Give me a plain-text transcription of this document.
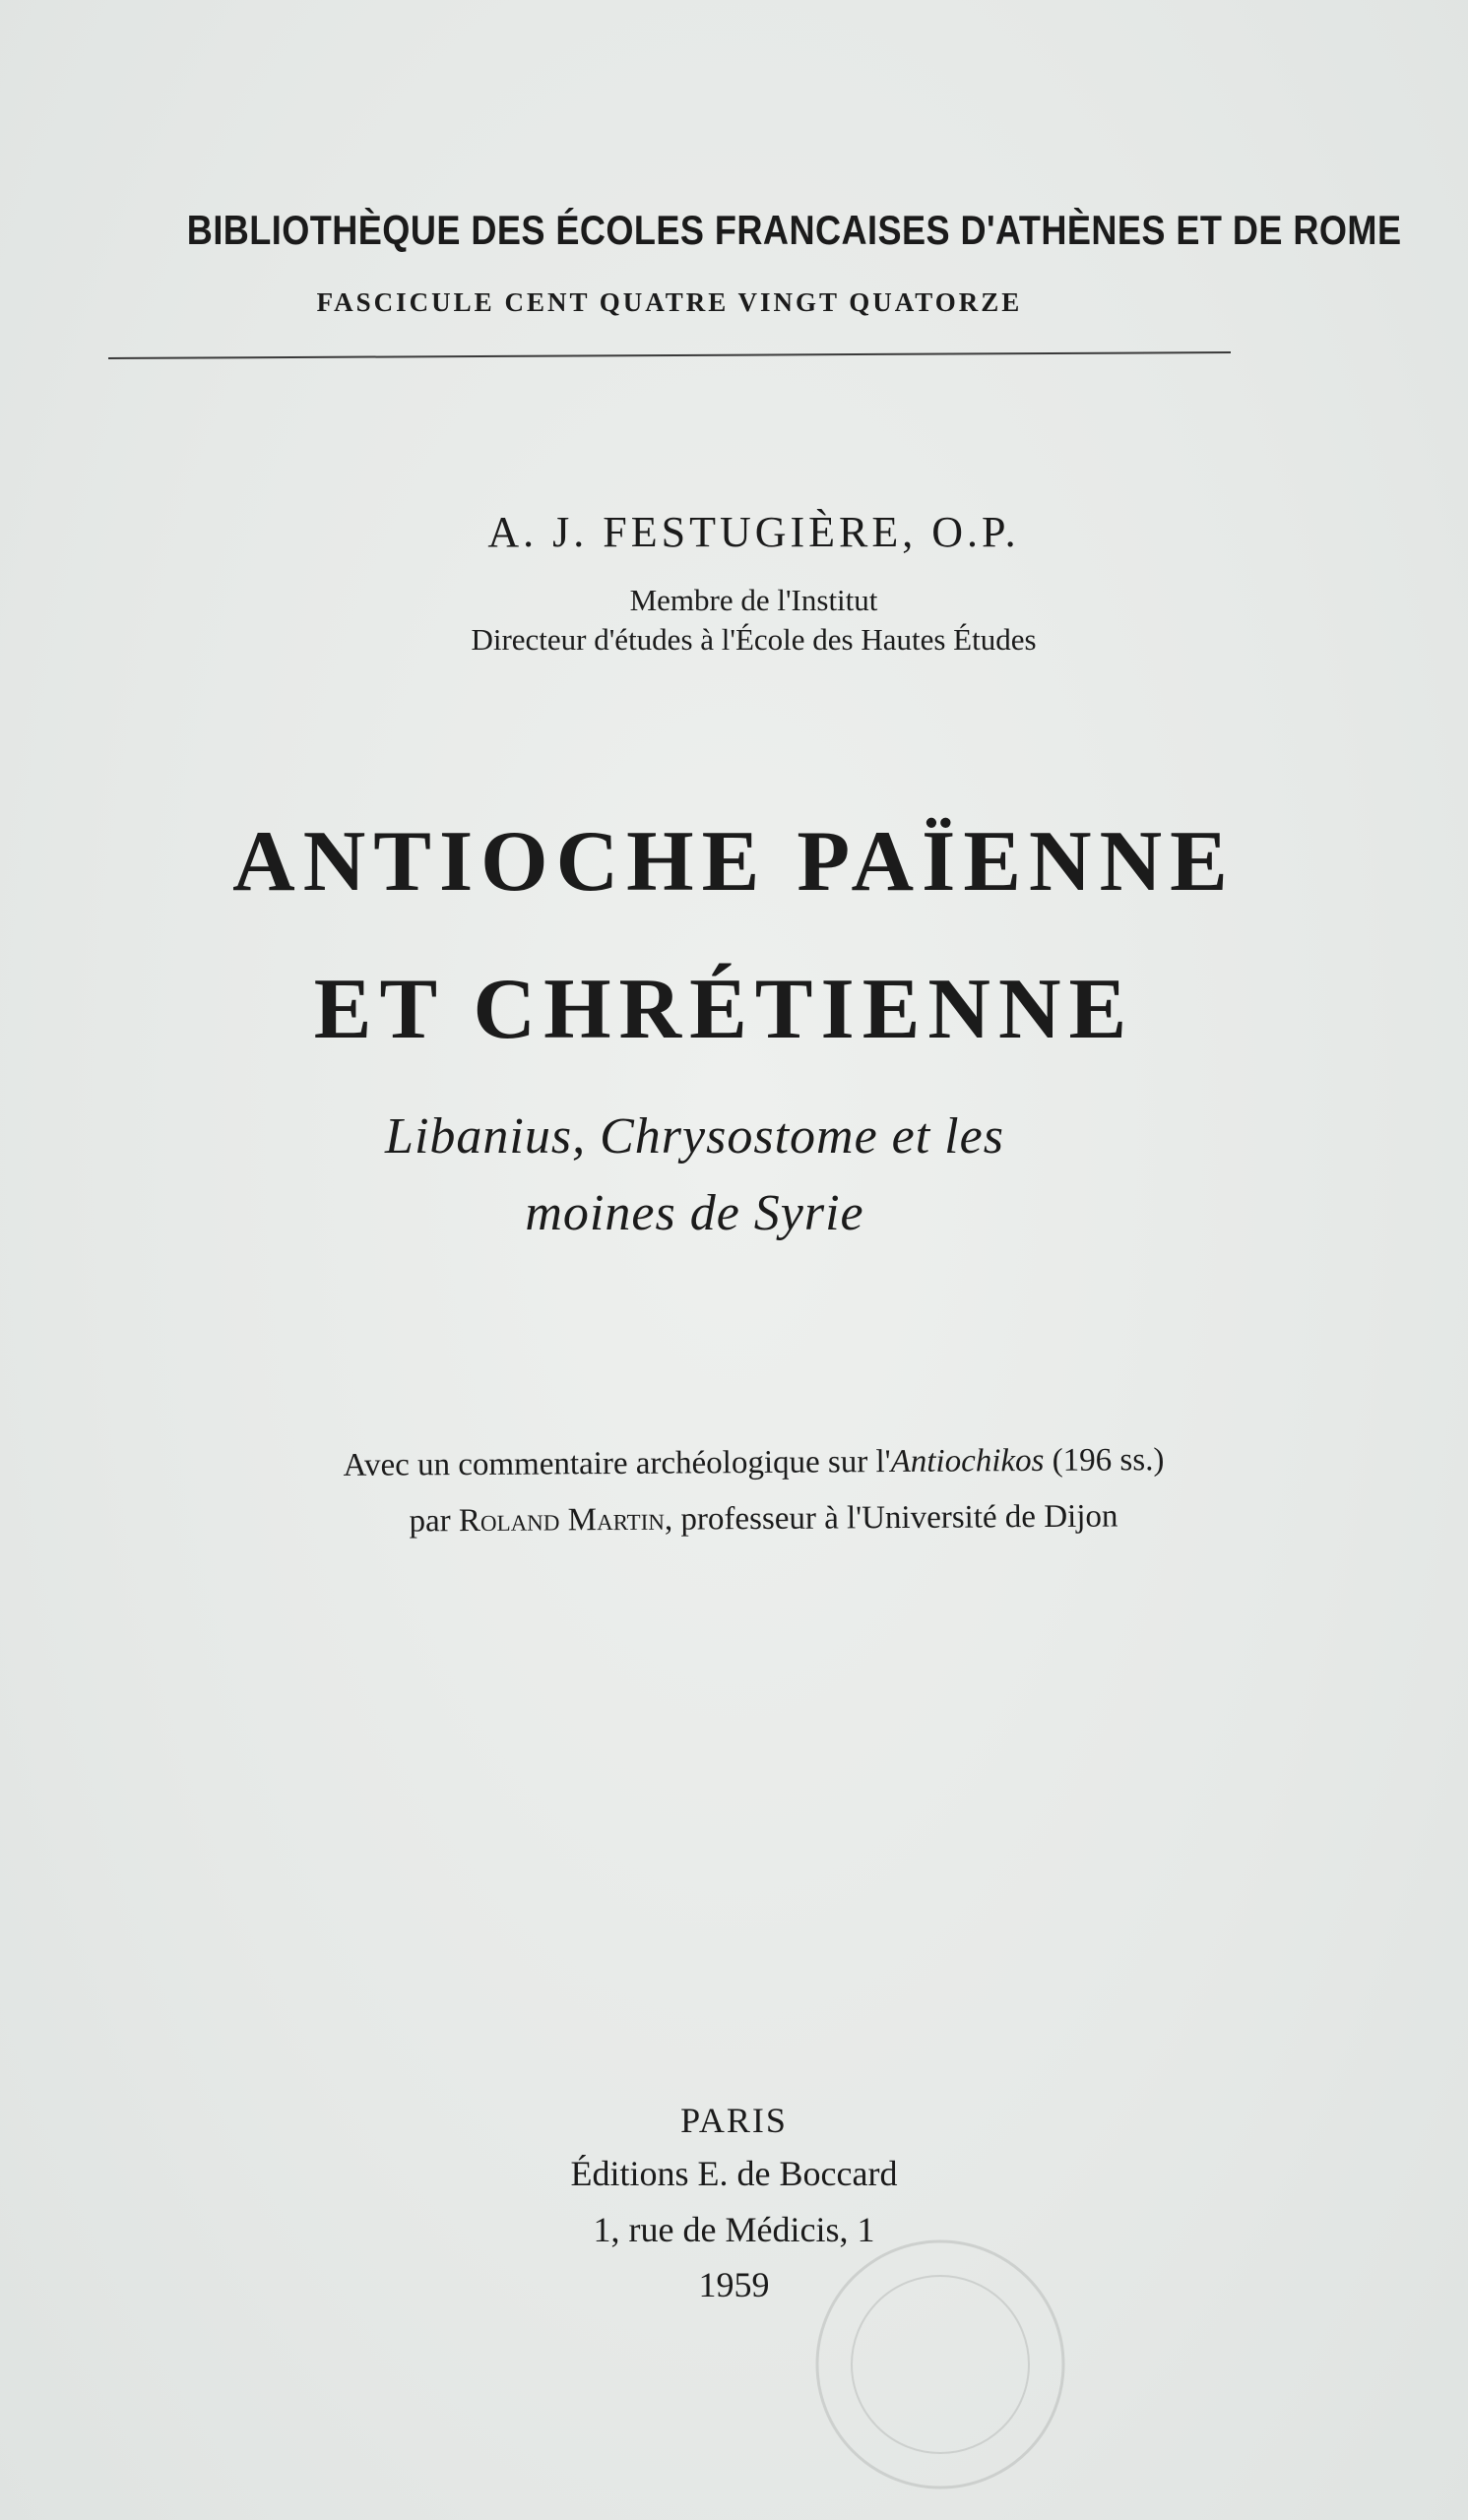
BIBLIOTHÈQUE DES ÉCOLES FRANCAISES D'ATHÈNES ET DE ROME
FASCICULE CENT QUATRE VINGT QUATORZE
A. J. FESTUGIÈRE, O.P.
Membre de l'Institut
Directeur d'études à l'École des Hautes Études
ANTIOCHE PAÏENNE
ET CHRÉTIENNE
Libanius, Chrysostome et les
moines de Syrie
Avec un commentaire archéologique sur l'Antiochikos (196 ss.)
par Roland Martin, professeur à l'Université de Dijon
PARIS
Éditions E. de Boccard
1, rue de Médicis, 1
1959
